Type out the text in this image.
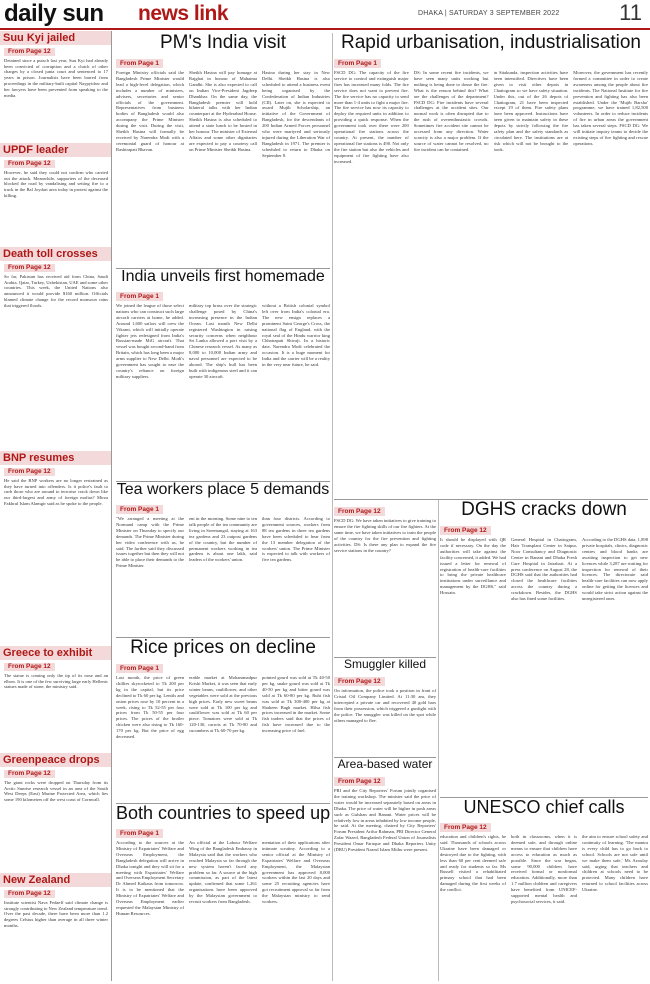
daily sun news link	DHAKA | SATURDAY 3 SEPTEMBER 2022	11
Suu Kyi jailed
From Page 12

Detained since a putsch last year, Suu Kyi had already been convicted of corruption and a clutch of other charges by a closed junta court and sentenced to 17 years in prison. Journalists have been barred from proceedings in the military-built capital Naypyidaw and her lawyers have been prevented from speaking to the media.

UPDF leader
From Page 12

However, he said they could not confirm who carried out the attack. Meanwhile, supporters of the deceased blocked the road by vandalising and setting fire to a truck in the Bal Joydari area today in protest against the killing.

Death toll crosses
From Page 12

So far, Pakistan has received aid from China, Saudi Arabia, Qatar, Turkey, Uzbekistan, UAE and some other countries. This week, the United Nations also announced it would provide $160 million. Officials blamed climate change for the record monsoon rains that triggered floods.

BNP resumes
From Page 12

He said the BNP workers are no longer restrained as they have turned into offenders. Is it police's fault to curb those who are around to terrorise crack down like our third-largest and army of foreign mafias? Mirza Fakhrul Islam Alamgir said as he spoke to the people.

Greece to exhibit
From Page 12

The statue is coming only the tip of its nose and an elbow. It is one of the few surviving large early Hellenic statues made of stone, the ministry said.

Greenpeace drops
From Page 12

The giant rocks were dropped on Thursday from its Arctic Sunrise research vessel in an area of the South West Deeps (East) Marine Protected Area, which lies some 190 kilometres off the west coast of Cornwall.

New Zealand
From Page 12

Institute scientist Nava Fedaeff said climate change is strongly contributing to New Zealand temperature trend. Over the past decade, there have been more than 1.2 degrees Celsius higher than average in all three winter months.

PM's India visit
From Page 1

Foreign Ministry officials said the Bangladesh Prime Minister would lead a high-level delegation, which includes a number of ministers, advisers, secretaries and senior officials of the government. Representatives from business bodies of Bangladesh would also accompany the Prime Minister during the visit. During the visit, Sheikh Hasina will formally be received by Narendra Modi with a ceremonial guard of honour at Rashtrapati Bhavan.

Sheikh Hasina will pay homage at Rajghat in honour of Mahatma Gandhi. She is also expected to call on Indian Vice-President Jagdeep Dhankhar. On the same day, the Bangladesh premier will hold bilateral talks with her Indian counterpart at the Hyderabad House. Sheikh Hasina is also scheduled to attend a state lunch to be hosted in her honour. The minister of External Affairs and some other dignitaries are expected to pay a courtesy call on Prime Minister Sheikh Hasina.

Hasina during her stay in New Delhi. Sheikh Hasina is also scheduled to attend a business event being organised by the Confederation of Indian Industries (CII). Later on, she is expected to award Mujib Scholarship, an initiative of the Government of Bangladesh, for the descendants of 200 Indian Armed Forces personnel who were martyred and seriously injured during the Liberation War of Bangladesh in 1971. The premier is scheduled to return to Dhaka on September 8.

Rapid urbanisation, industrialisation
From Page 1

FSCD DG: The capacity of the fire service to control and extinguish major fires has increased many folds. The fire service does not want to prevent fire. The fire service has no capacity to send more than 1-4 units to fight a major fire. The fire service has now its capacity to deploy the required units in addition to providing a quick response. When the government took over there were 200 operational fire stations across the country. At present, the number of operational fire stations is 490. Not only the fire station but also the vehicles and equipment of fire fighting have also increased.

DS: In some recent fire incidents, we have seen many units working but nothing is being done to douse the fire. What is the reason behind this? What are the challenges of the department? FSCD DG: Fire incidents have several challenges at the accident sites. Our normal work is often disrupted due to the rush of overenthusiastic crowds. Sometimes fire accident site cannot be accessed from any direction. Water scarcity is also a major problem. If the source of water cannot be resolved, no fire incident can be contained.

in Sitakunda, inspection activities have been intensified. Directives have been given to visit other depots in Chattogram so we have safety situation. Under this, out of the 26 depots of Chattogram, 21 have been inspected except 19 of them. Fire safety plans have been approved. Instructions have been given to maintain safety in these depots by strictly following the fire safety plan and the safety standards as circulated here. The institutions are at risk which will not be brought to the book.

Moreover, the government has recently formed a committee in order to create awareness among the people about fire incidents. The National Institute for fire prevention and fighting has also been established. Under the 'Mujib Barsho' programme, we have trained 1,82,500 volunteers. In order to reduce incidents of fire in urban areas the government has taken several steps. FSCD DG: We will initiate inquiry teams to decide the existing steps of fire fighting and rescue operations.

India unveils first homemade
From Page 1

We joined the league of those select nations who can construct such large aircraft carriers at home, he added. Around 1,600 sailors will crew the Vikrant, which will initially operate fighter jets redesigned from India's Russian-made MiG aircraft. That vessel was bought second-hand from Britain, which has long been a major arms supplier to New Delhi. Modi's government has sought to ease the country's reliance on foreign military suppliers.

military top brass over the strategic challenge posed by China's increasing presence in the Indian Ocean. Last month New Delhi registered Washington in raising security concerns when neighbour Sri Lanka allowed a port visit by a Chinese research vessel. As many as 8,000 to 10,000 Indian army and naval personnel are expected to be aboard. The ship's hull has been built with indigenous steel and it can operate 30 aircraft.

without a British colonial symbol left over from India's colonial era. The new ensign replaces a prominent Saint George's Cross, the national flag of England, with the royal seal of the Hindu warrior king Chhatrapati Shivaji. In a historic date, Narendra Modi celebrated the occasion. It is a huge moment for India and the carrier will be a reality in the very near future, he said.

Tea workers place 5 demands
From Page 1

"We arranged a meeting at the Normand camp with the Prime Minister on Thursday to specify our demands. The Prime Minister during her video conference with us, he said. The further said they discussed issues together but then they will not be able to place their demands to the Prime Minister.

ent in the morning. Some nine to ten talk people of the tea community are living in Sreemangal, staying at 163 tea gardens and 23 outpost gardens of the country, but the number of permanent workers working in tea gardens is about one lakh, said leaders of the workers' union.

than four districts. According to government sources, workers from 88 tea gardens in three tea gardens have been scheduled to hear from the 13 member delegation of the workers' union. The Prime Minister is expected to talk with workers of five tea gardens.

Rice prices on decline
From Page 1

Last month, the price of green chillies skyrocketed to Tk 200 per kg in the capital, but its price declined to Tk 60 per kg. Lentils and onion prices rose by 10 percent in a week, rising to Tk 52-55 per four prices from Tk 50-55 per four prices. The prices of the broiler chicken were also rising to Tk 160-170 per kg. But the price of egg decreased.

erable market at Mohammadpur Krishi Market, it was seen that early winter beans, cauliflower, and other vegetables were sold at the previous high prices. Early new sweet beans were sold at Tk 100 per kg and cauliflower was sold at Tk 60 per piece. Tomatoes were sold at Tk 120-130, carrots at Tk 70-80 and cucumbers at Tk 60-70 per kg.

pointed gourd was sold at Tk 40-50 per kg, snake gourd was sold at Tk 40-50 per kg and bitter gourd was sold at Tk 60-80 per kg. Ruhi fish was sold at Tk 300-400 per kg at Shaheen Bagh market. Hilsa fish prices increased in the market. Some fish traders said that the prices of fish have increased due to the increasing price of fuel.

Both countries to speed up
From Page 1

According to the sources at the Ministry of Expatriates' Welfare and Overseas Employment, the Bangladesh delegation will arrive in Dhaka tonight and they will sit for a meeting with Expatriates' Welfare and Overseas Employment Secretary Dr Ahmed Kaikaus from tomorrow. It is to be mentioned that the Ministry of Expatriates' Welfare and Overseas Employment earlier requested the Malaysian Ministry of Human Resources.

An official at the Labour Welfare Wing of the Bangladesh Embassy in Malaysia said that the workers who reached Malaysia so far through the new system haven't faced any problem so far. A source at the high commission, as part of the latest update, confirmed that some 1,261 organisations have been approved by the Malaysian government to recruit workers from Bangladesh.

mentation of their applications after intimate scrutiny. According to a senior official at the Ministry of Expatriates' Welfare and Overseas Employment, the Malaysian government has approved 8,000 workers within the last 20 days and some 25 recruiting agencies have got recruitment approval so far from the Malaysian ministry to send workers.

From Page 12

FSCD DG: We have taken initiatives to give training to ensure the fire fighting skills of our fire fighters. At the same time, we have taken initiatives to train the people of the country for the fire prevention and fighting activities. DS: Is there any plan to expand the fire service stations in the country?

Smuggler killed
From Page 12

On information, the police took a position in front of Cristal Oil Company Limited. At 11:30 am, they intercepted a private car and recovered 40 gold bars from their possession, which triggered a gunfight with the police. The smuggler was killed on the spot while others managed to flee.

Area-based water
From Page 12

PRI and the City Reporters' Forum jointly organised the training workshop. The minister said the price of water would be increased separately based on areas in Dhaka. The price of water will be higher in posh areas such as Gulshan and Banani. Water prices will be relatively low in areas inhabited by low income people, he said. At the meeting, chaired by City Reporters' Forum President Arifur Rahman, PRI Director General Zafar Wazed, Bangladesh Federal Union of Journalists President Omar Faruque and Dhaka Reporters Unity (DRU) President Nazrul Islam Mithu were present.

DGHS cracks down
From Page 12

It should be displayed with QR code if necessary. On the day the authorities will take against the facility concerned, it added. We had issued a letter for renewal of registration of health-care facilities to bring the private healthcare institutions under surveillance and management by the DGHS," said Hossain.

General Hospital in Chattogram, Hair Transplant Center in Satpur, Noor Consultancy and Diagnostic Centre in Banani and Dhaka Fresh Care Hospital in Jatrabari. At a press conference on August 28, the DGHS said that the authorities had closed the healthcare facilities across the country during a crackdown. Besides, the DGHS also has fined some facilities.

According to the DGHS data, 1,898 private hospitals, clinics, diagnostic centres and blood banks are awaiting inspection to get new licences while 3,287 are waiting for inspection for renewal of their licences. The directorate said health-care facilities can now apply online for getting the licences and would take strict action against the unregistered ones.

UNESCO chief calls
From Page 12

education and children's rights, he said. Thousands of schools across Ukraine have been damaged or destroyed due to the fighting, with less than 60 per cent deemed safe and ready for students so far. Ms Russell visited a rehabilitated primary school that had been damaged during the first weeks of the conflict.

both in classrooms, when it is deemed safe, and through online means to ensure that children have access to education as much as possible. Since the war began, some 90,000 children have received formal or nonformal education. Additionally, more than 1.7 million children and caregivers have benefited from UNICEF-supported mental health and psychosocial services, it said.

the aim to ensure school safety and continuity of learning. 'The mantra is every child has to go back to school. Schools are not safe until we make them safe,' Ms Azoulay said, urging that teachers and children at schools need to be protected. Many children have returned to school facilities across Ukraine.
